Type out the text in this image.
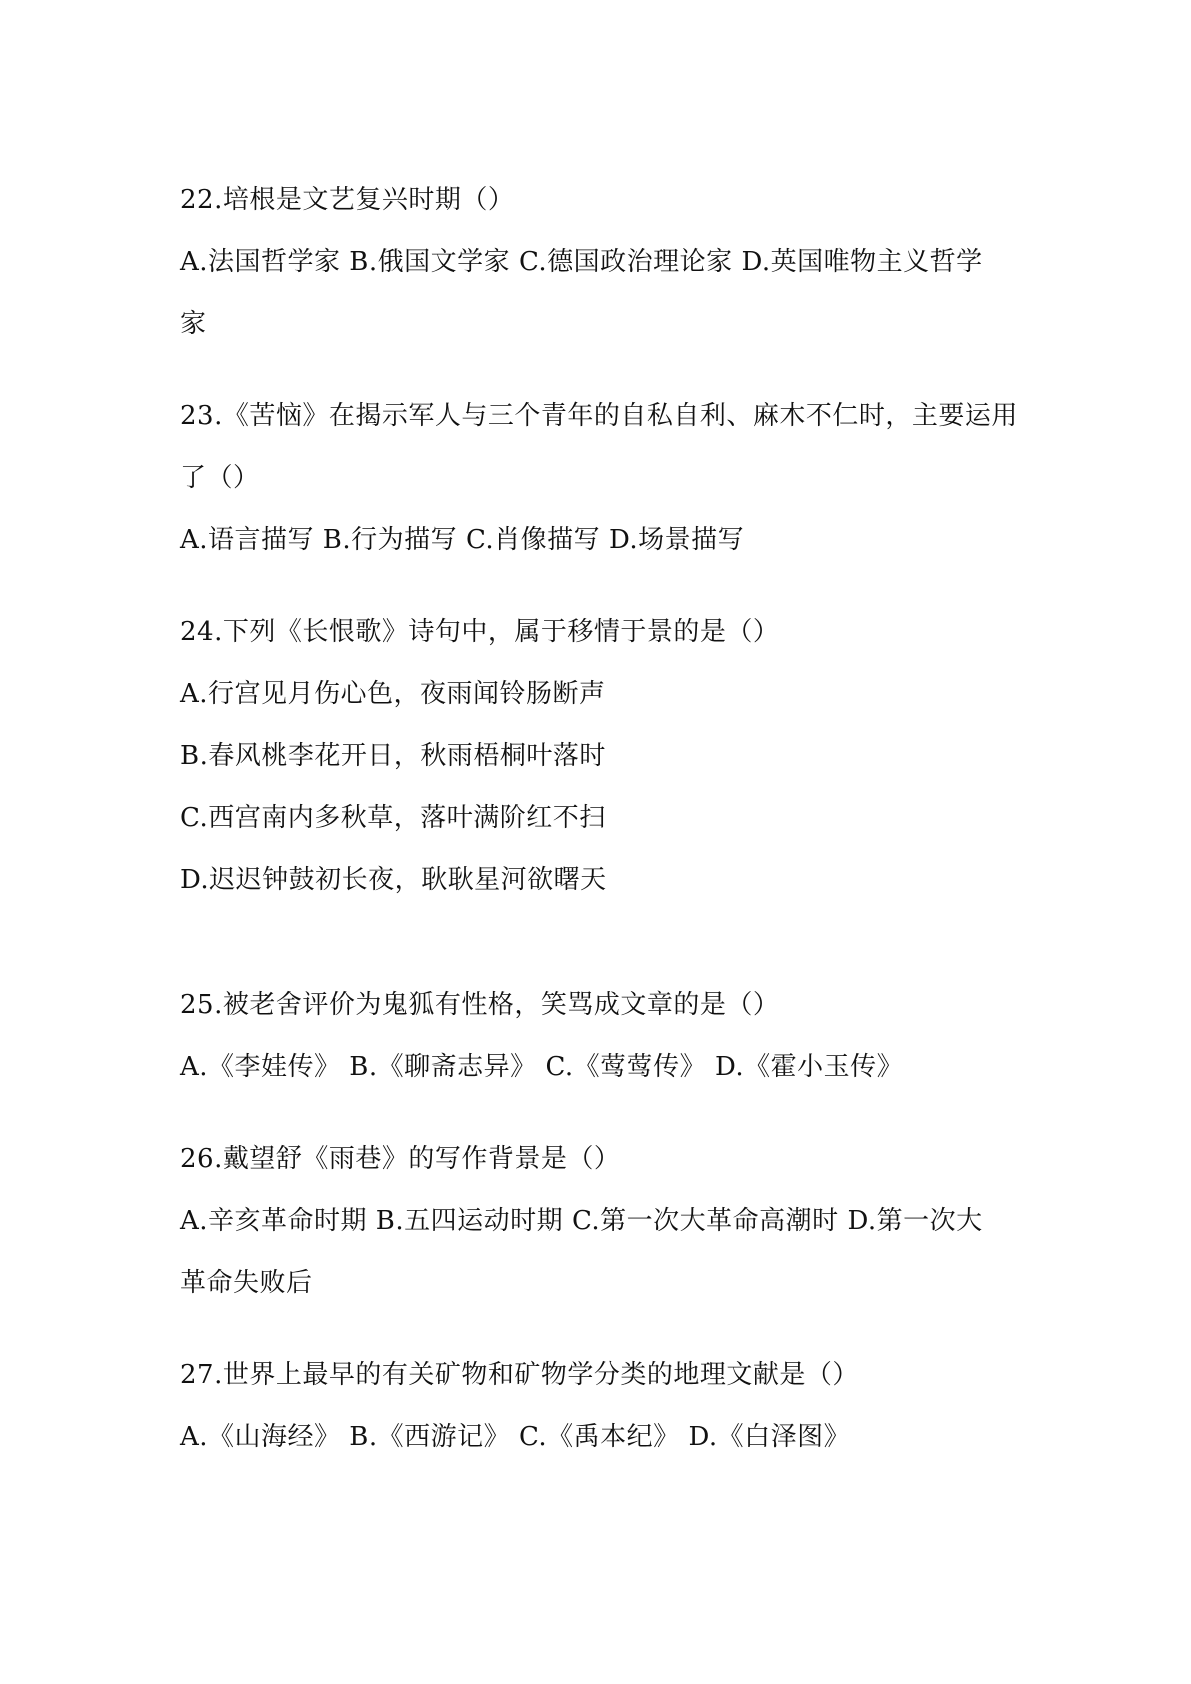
22.培根是文艺复兴时期（）
A.法国哲学家 B.俄国文学家 C.德国政治理论家 D.英国唯物主义哲学
家
23.《苦恼》在揭示军人与三个青年的自私自利、麻木不仁时，主要运用
了（）
A.语言描写 B.行为描写 C.肖像描写 D.场景描写
24.下列《长恨歌》诗句中，属于移情于景的是（）
A.行宫见月伤心色，夜雨闻铃肠断声
B.春风桃李花开日，秋雨梧桐叶落时
C.西宫南内多秋草，落叶满阶红不扫
D.迟迟钟鼓初长夜，耿耿星河欲曙天
25.被老舍评价为鬼狐有性格，笑骂成文章的是（）
A.《李娃传》 B.《聊斋志异》 C.《莺莺传》 D.《霍小玉传》
26.戴望舒《雨巷》的写作背景是（）
A.辛亥革命时期 B.五四运动时期 C.第一次大革命高潮时 D.第一次大
革命失败后
27.世界上最早的有关矿物和矿物学分类的地理文献是（）
A.《山海经》 B.《西游记》 C.《禹本纪》 D.《白泽图》
